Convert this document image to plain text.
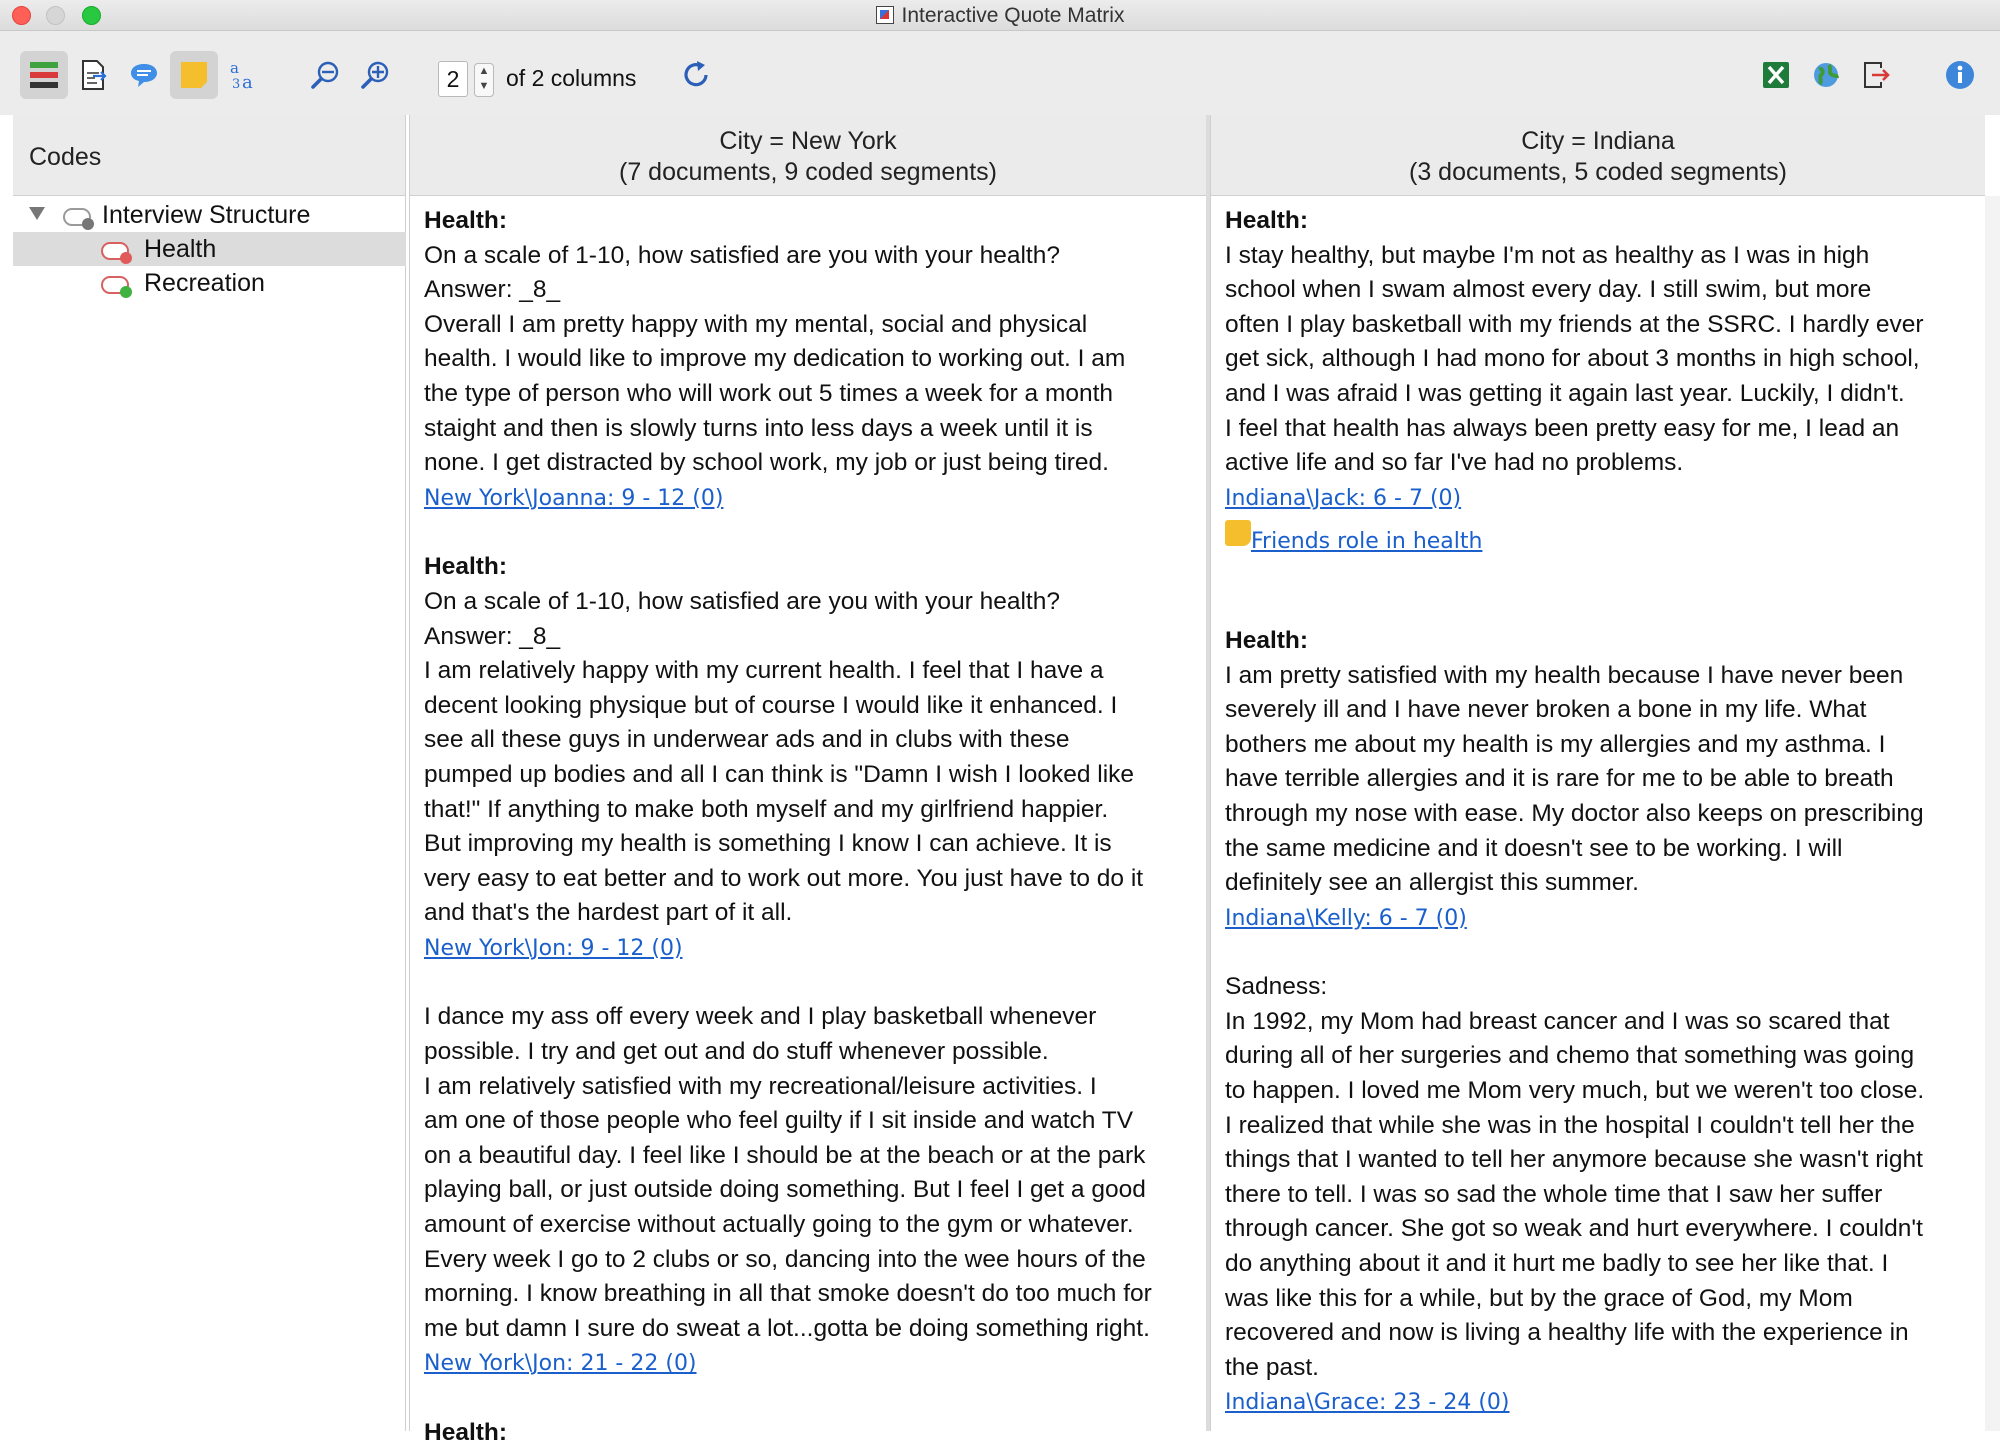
Interactive Quote Matrix
a
a
3	2	▲
▼ of 2 columns
Codes
Interview Structure
Health
Recreation
City = New York
(7 documents, 9 coded segments)
Health:
On a scale of 1-10, how satisfied are you with your health?
Answer: _8_
Overall I am pretty happy with my mental, social and physical
health. I would like to improve my dedication to working out. I am
the type of person who will work out 5 times a week for a month
staight and then is slowly turns into less days a week until it is
none. I get distracted by school work, my job or just being tired.
New York\Joanna: 9 - 12 (0)
Health:
On a scale of 1-10, how satisfied are you with your health?
Answer: _8_
I am relatively happy with my current health. I feel that I have a
decent looking physique but of course I would like it enhanced. I
see all these guys in underwear ads and in clubs with these
pumped up bodies and all I can think is "Damn I wish I looked like
that!" If anything to make both myself and my girlfriend happier.
But improving my health is something I know I can achieve. It is
very easy to eat better and to work out more. You just have to do it
and that's the hardest part of it all.
New York\Jon: 9 - 12 (0)
I dance my ass off every week and I play basketball whenever
possible. I try and get out and do stuff whenever possible.
I am relatively satisfied with my recreational/leisure activities. I
am one of those people who feel guilty if I sit inside and watch TV
on a beautiful day. I feel like I should be at the beach or at the park
playing ball, or just outside doing something. But I feel I get a good
amount of exercise without actually going to the gym or whatever.
Every week I go to 2 clubs or so, dancing into the wee hours of the
morning. I know breathing in all that smoke doesn't do too much for
me but damn I sure do sweat a lot...gotta be doing something right.
New York\Jon: 21 - 22 (0)
Health:
City = Indiana
(3 documents, 5 coded segments)
Health:
I stay healthy, but maybe I'm not as healthy as I was in high
school when I swam almost every day. I still swim, but more
often I play basketball with my friends at the SSRC. I hardly ever
get sick, although I had mono for about 3 months in high school,
and I was afraid I was getting it again last year. Luckily, I didn't.
I feel that health has always been pretty easy for me, I lead an
active life and so far I've had no problems.
Indiana\Jack: 6 - 7 (0)
Friends role in health
Health:
I am pretty satisfied with my health because I have never been
severely ill and I have never broken a bone in my life. What
bothers me about my health is my allergies and my asthma. I
have terrible allergies and it is rare for me to be able to breath
through my nose with ease. My doctor also keeps on prescribing
the same medicine and it doesn't see to be working. I will
definitely see an allergist this summer.
Indiana\Kelly: 6 - 7 (0)
Sadness:
In 1992, my Mom had breast cancer and I was so scared that
during all of her surgeries and chemo that something was going
to happen. I loved me Mom very much, but we weren't too close.
I realized that while she was in the hospital I couldn't tell her the
things that I wanted to tell her anymore because she wasn't right
there to tell. I was so sad the whole time that I saw her suffer
through cancer. She got so weak and hurt everywhere. I couldn't
do anything about it and it hurt me badly to see her like that. I
was like this for a while, but by the grace of God, my Mom
recovered and now is living a healthy life with the experience in
the past.
Indiana\Grace: 23 - 24 (0)
